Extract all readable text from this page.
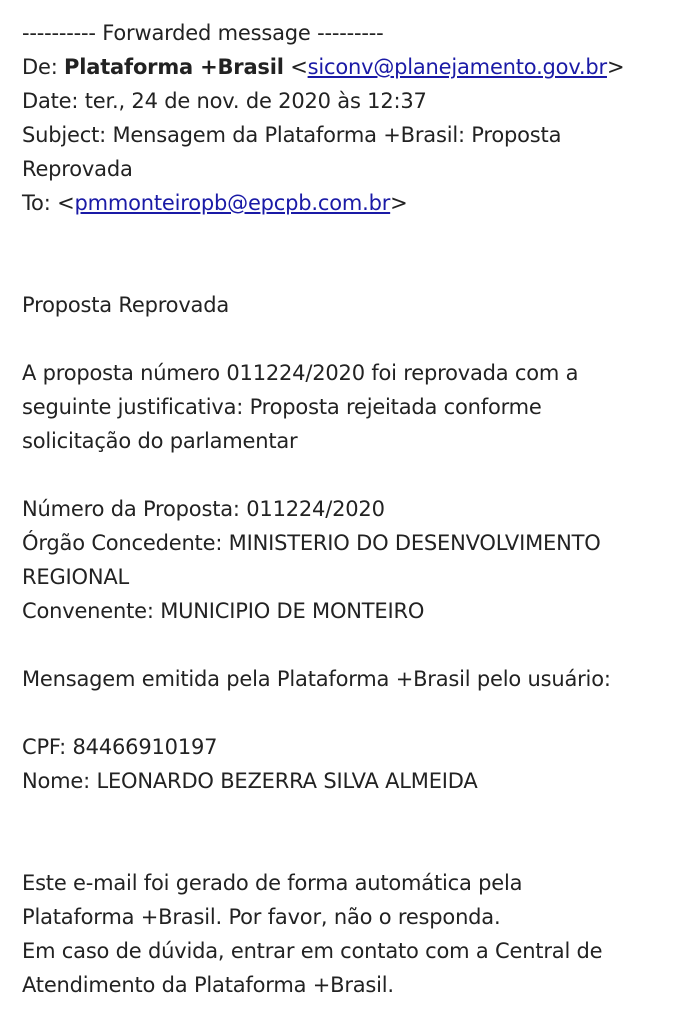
---------- Forwarded message ---------
De: Plataforma +Brasil <siconv@planejamento.gov.br>
Date: ter., 24 de nov. de 2020 às 12:37
Subject: Mensagem da Plataforma +Brasil: Proposta
Reprovada
To: <pmmonteiropb@epcpb.com.br>
Proposta Reprovada
A proposta número 011224/2020 foi reprovada com a
seguinte justificativa: Proposta rejeitada conforme
solicitação do parlamentar
Número da Proposta: 011224/2020
Órgão Concedente: MINISTERIO DO DESENVOLVIMENTO
REGIONAL
Convenente: MUNICIPIO DE MONTEIRO
Mensagem emitida pela Plataforma +Brasil pelo usuário:
CPF: 84466910197
Nome: LEONARDO BEZERRA SILVA ALMEIDA
Este e-mail foi gerado de forma automática pela
Plataforma +Brasil. Por favor, não o responda.
Em caso de dúvida, entrar em contato com a Central de
Atendimento da Plataforma +Brasil.
